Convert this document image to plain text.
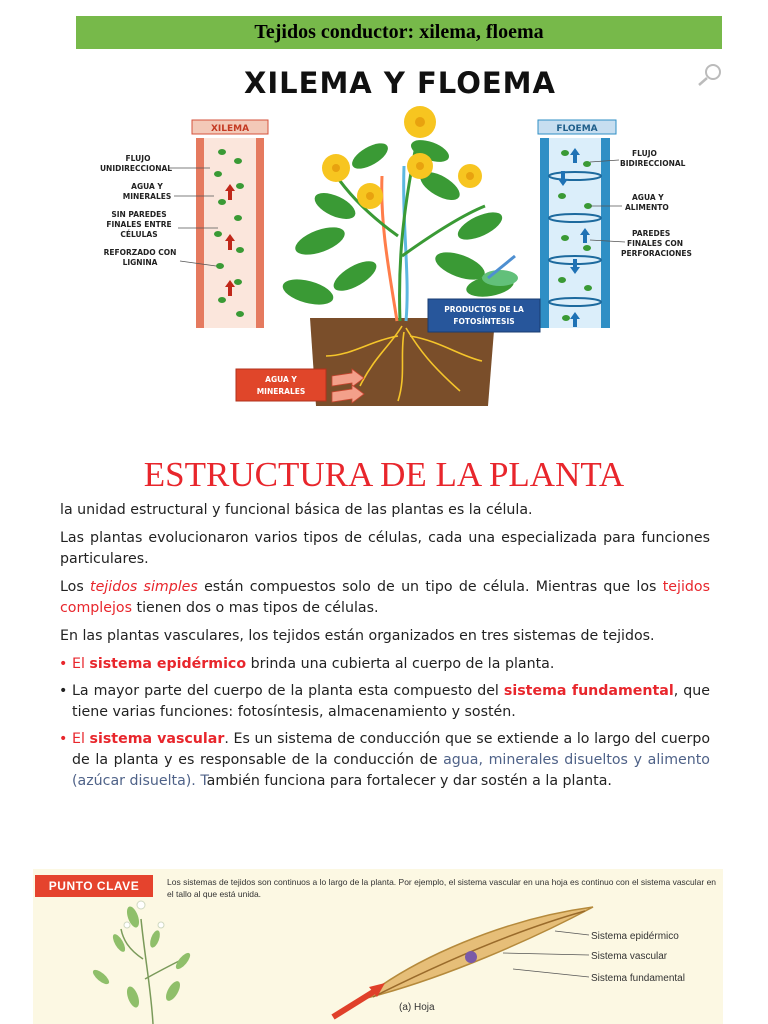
Tejidos conductor: xilema, floema
XILEMA Y FLOEMA
XILEMA
FLUJO
UNIDIRECCIONAL
AGUA Y
MINERALES
SIN PAREDES
FINALES ENTRE
CÉLULAS
REFORZADO CON
LIGNINA
FLOEMA
FLUJO
BIDIRECCIONAL
AGUA Y
ALIMENTO
PAREDES
FINALES CON
PERFORACIONES
PRODUCTOS DE LA
FOTOSÍNTESIS
AGUA Y
MINERALES
ESTRUCTURA DE LA PLANTA

la unidad estructural y funcional básica de las plantas es la célula.

Las plantas evolucionaron varios tipos de células, cada una especializada para funciones particulares.

Los tejidos simples están compuestos solo de un tipo de célula. Mientras que los tejidos complejos tienen dos o mas tipos de células.

En las plantas vasculares, los tejidos están organizados en tres sistemas de tejidos.

• El sistema epidérmico brinda una cubierta al cuerpo de la planta.
• La mayor parte del cuerpo de la planta esta compuesto del sistema fundamental, que tiene varias funciones: fotosíntesis, almacenamiento y sostén.
• El sistema vascular. Es un sistema de conducción que se extiende a lo largo del cuerpo de la planta y es responsable de la conducción de agua, minerales disueltos y alimento (azúcar disuelta). También funciona para fortalecer y dar sostén a la planta.
Sistema epidérmico
Sistema vascular
Sistema fundamental
(a) Hoja
PUNTO CLAVE	Los sistemas de tejidos son continuos a lo largo de la planta. Por ejemplo, el sistema vascular en una hoja es continuo con el sistema vascular en el tallo al que está unida.
